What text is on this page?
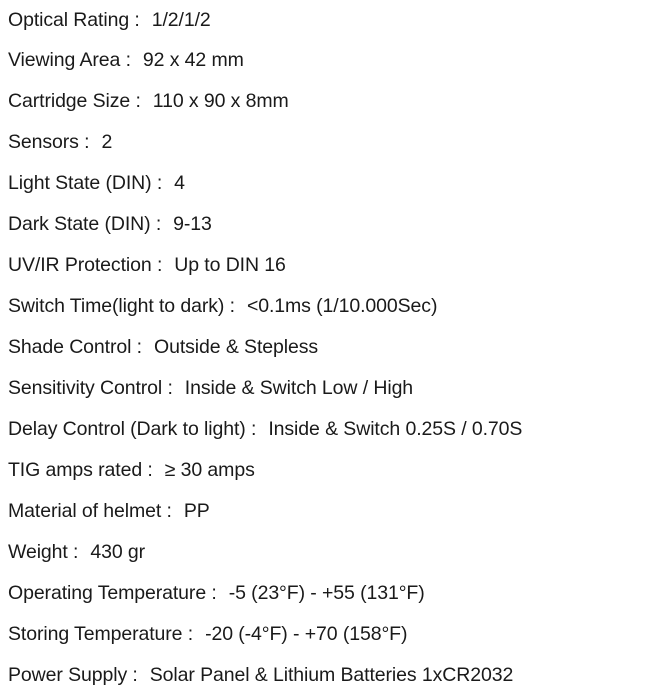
Optical Rating : 1/2/1/2
Viewing Area : 92 x 42 mm
Cartridge Size : 110 x 90 x 8mm
Sensors : 2
Light State (DIN) : 4
Dark State (DIN) : 9-13
UV/IR Protection : Up to DIN 16
Switch Time(light to dark) : <0.1ms (1/10.000Sec)
Shade Control : Outside & Stepless
Sensitivity Control : Inside & Switch Low / High
Delay Control (Dark to light) : Inside & Switch 0.25S / 0.70S
TIG amps rated : ≥ 30 amps
Material of helmet : PP
Weight : 430 gr
Operating Temperature : -5 (23°F) - +55 (131°F)
Storing Temperature : -20 (-4°F) - +70 (158°F)
Power Supply : Solar Panel & Lithium Batteries 1xCR2032
